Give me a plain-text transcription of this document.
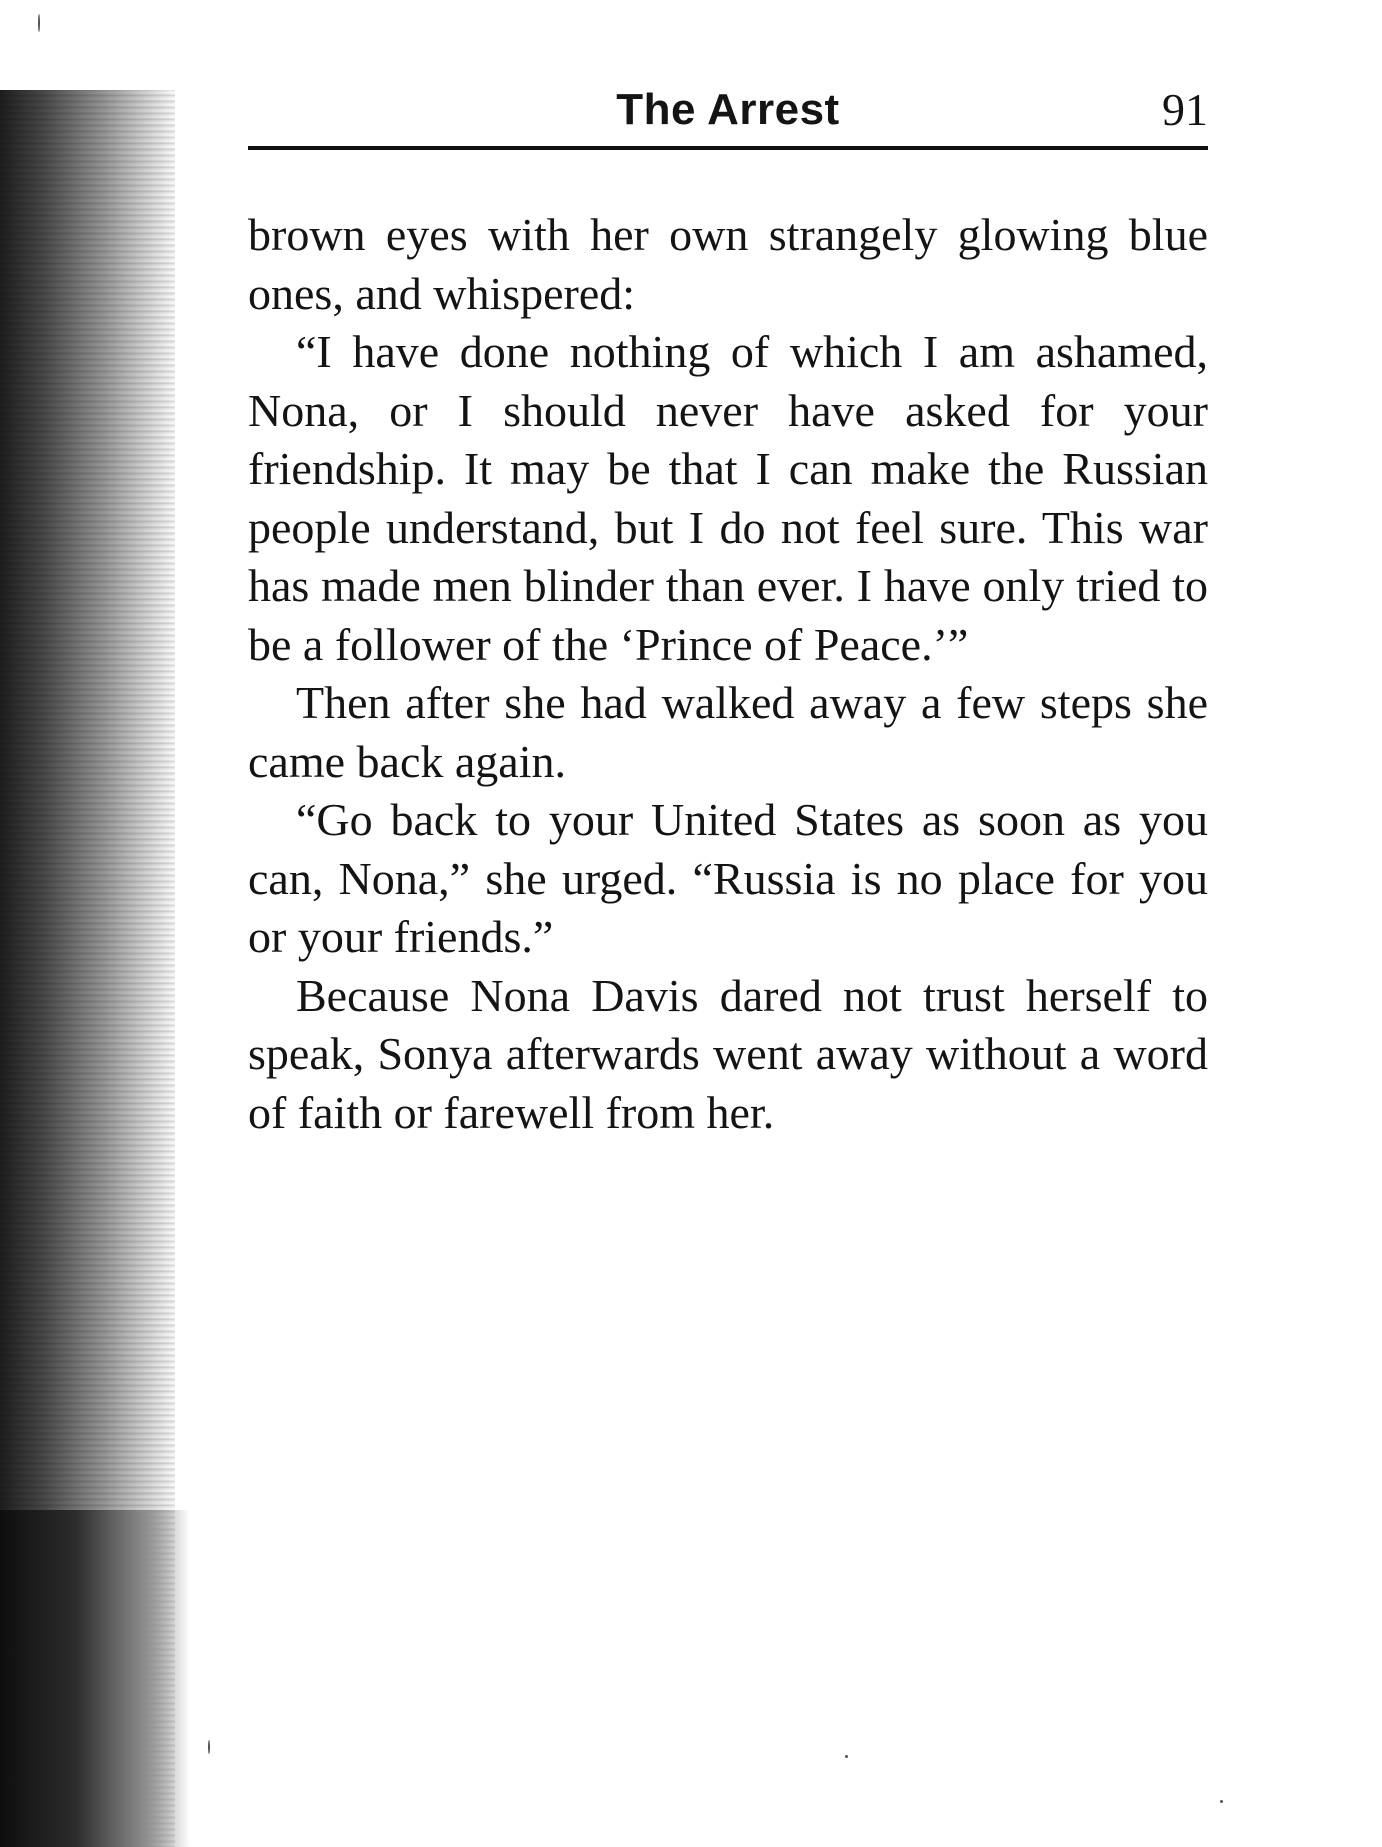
The Arrest	91

brown eyes with her own strangely glowing blue ones, and whispered:

“I have done nothing of which I am ashamed, Nona, or I should never have asked for your friendship. It may be that I can make the Russian people understand, but I do not feel sure. This war has made men blinder than ever. I have only tried to be a follower of the ‘Prince of Peace.’”

Then after she had walked away a few steps she came back again.

“Go back to your United States as soon as you can, Nona,” she urged. “Russia is no place for you or your friends.”

Because Nona Davis dared not trust herself to speak, Sonya afterwards went away without a word of faith or farewell from her.
